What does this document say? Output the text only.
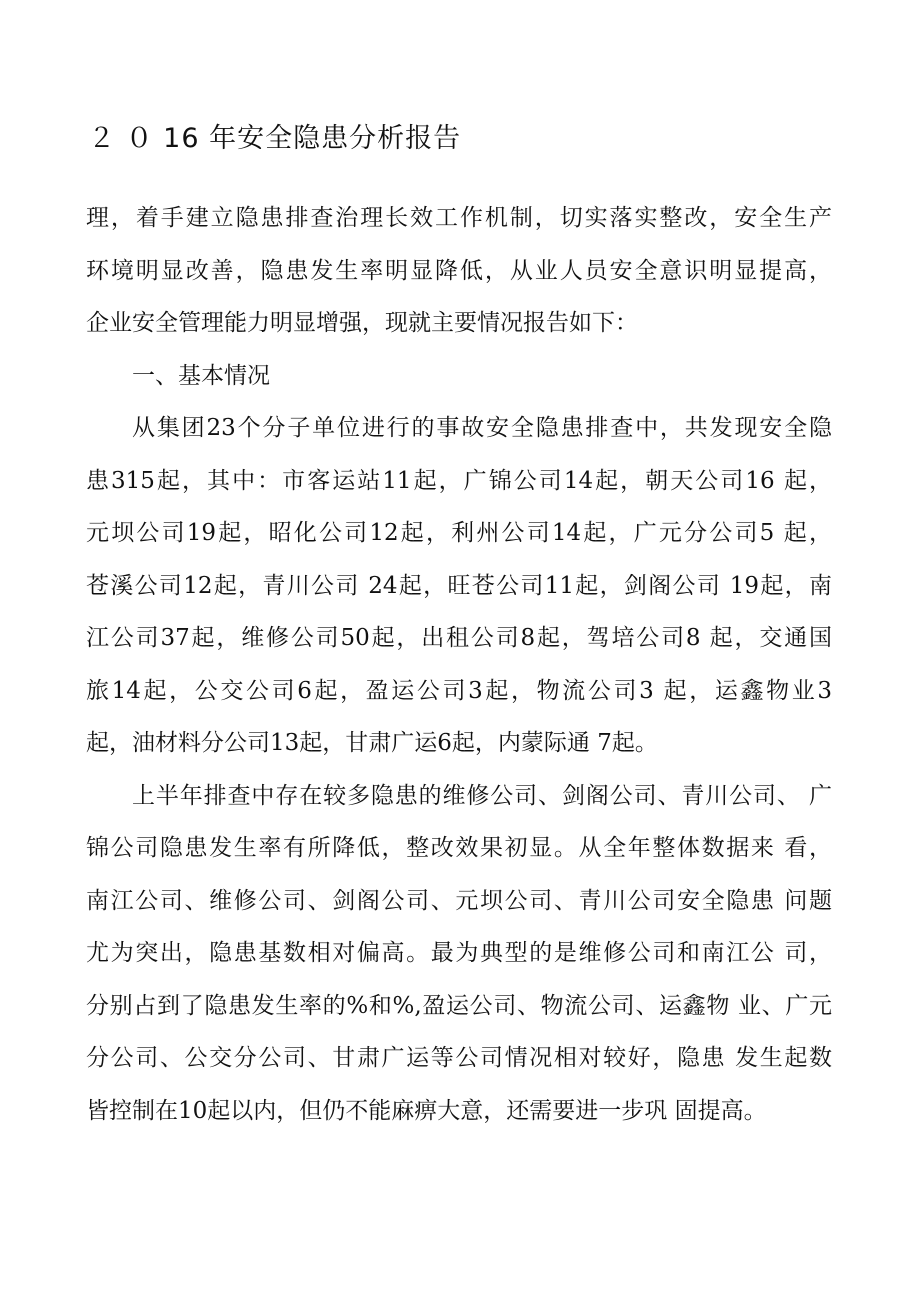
２ ０ 16 年安全隐患分析报告
理，着手建立隐患排查治理长效工作机制，切实落实整改，安全生产
环境明显改善，隐患发生率明显降低，从业人员安全意识明显提高，
企业安全管理能力明显增强，现就主要情况报告如下：
一、基本情况
从集团23个分子单位进行的事故安全隐患排查中，共发现安全隐
患315起，其中：市客运站11起，广锦公司14起，朝天公司16 起，
元坝公司19起，昭化公司12起，利州公司14起，广元分公司5 起，
苍溪公司12起，青川公司 24起，旺苍公司11起，剑阁公司 19起，南
江公司37起，维修公司50起，出租公司8起，驾培公司8 起，交通国
旅14起，公交公司6起，盈运公司3起，物流公司3 起，运鑫物业3
起，油材料分公司13起，甘肃广运6起，内蒙际通 7起。
上半年排查中存在较多隐患的维修公司、剑阁公司、青川公司、 广
锦公司隐患发生率有所降低，整改效果初显。从全年整体数据来 看，
南江公司、维修公司、剑阁公司、元坝公司、青川公司安全隐患 问题
尤为突出，隐患基数相对偏高。最为典型的是维修公司和南江公 司，
分别占到了隐患发生率的%和%,盈运公司、物流公司、运鑫物 业、广元
分公司、公交分公司、甘肃广运等公司情况相对较好，隐患 发生起数
皆控制在10起以内，但仍不能麻痹大意，还需要进一步巩 固提高。
